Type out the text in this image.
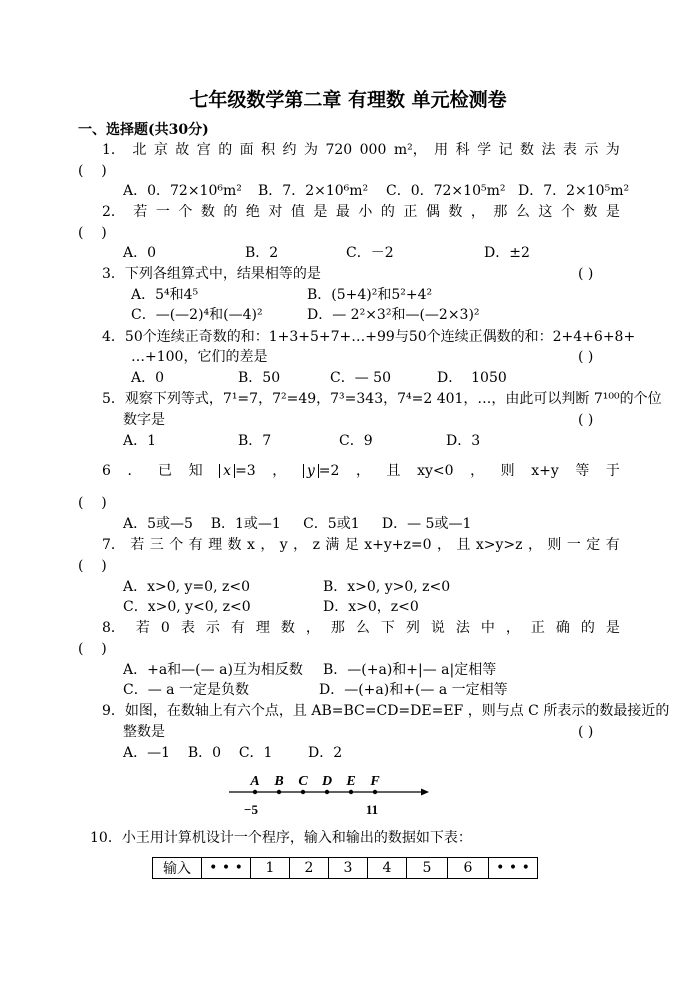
七年级数学第二章 有理数 单元检测卷
一、选择题(共30分)
1． 北 京 故 宫 的 面 积 约 为 720 000 m²， 用 科 学 记 数 法 表 示 为
(    )
A．0．72×10⁶m² B．7．2×10⁶m² C．0．72×10⁵m² D．7．2×10⁵m²
2． 若 一 个 数 的 绝 对 值 是 最 小 的 正 偶 数 ， 那 么 这 个 数 是
(    )
A．0	B．2	C．－2	D．±2
3．下列各组算式中，结果相等的是	( )
A．5⁴和4⁵	B．(5+4)²和5²+4²
C．—(—2)⁴和(—4)²	D．— 2²×3²和—(—2×3)²
4．50个连续正奇数的和：1+3+5+7+…+99与50个连续正偶数的和：2+4+6+8+
…+100，它们的差是	( )
A．0	B．50	C．— 50	D．  1050
5．观察下列等式，7¹=7，7²=49，7³=343，7⁴=2 401，…，由此可以判断 7¹⁰⁰的个位
数字是	( )
A．1	B．7	C．9	D．3
6 ． 已 知 x =3 ， y =2 ， 且 xy<0 ， 则 x+y 等 于
(    )
A．5或—5    B．1或—1     C．5或1     D．— 5或—1
7． 若 三 个 有 理 数 x ， y ， z 满 足 x+y+z=0 ， 且 x>y>z ， 则 一 定 有
(    )
A．x>0, y=0, z<0	B．x>0, y>0, z<0
C．x>0, y<0, z<0	D．x>0，z<0
8． 若 0 表 示 有 理 数 ， 那 么 下 列 说 法 中 ， 正 确 的 是
(    )
A．+a和—(— a)互为相反数 B．—(+a)和+|— a|定相等
C．— a 一定是负数	D．—(+a)和+(— a 一定相等
9．如图，在数轴上有六个点，且 AB=BC=CD=DE=EF ，则与点 C 所表示的数最接近的
整数是	( )
A．—1    B．0    C．1        D．2
A B C D E F
−5	11
10．小王用计算机设计一个程序，输入和输出的数据如下表：
输入	• • •	1	2	3	4	5	6	• • •
